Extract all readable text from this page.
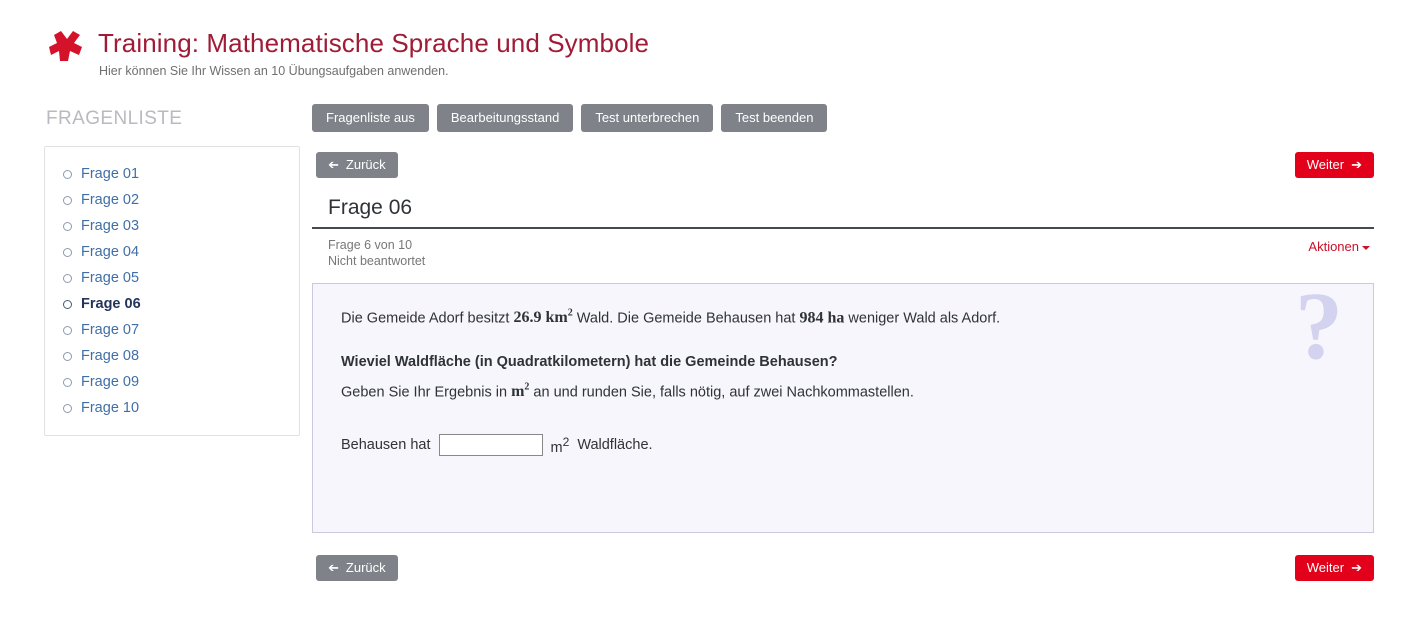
Training: Mathematische Sprache und Symbole
Hier können Sie Ihr Wissen an 10 Übungsaufgaben anwenden.
FRAGENLISTE
Frage 01
Frage 02
Frage 03
Frage 04
Frage 05
Frage 06
Frage 07
Frage 08
Frage 09
Frage 10
Fragenliste aus	Bearbeitungsstand	Test unterbrechen	Test beenden
➔ Zurück	Weiter ➔
Frage 06
Frage 6 von 10
Nicht beantwortet
Aktionen
?
Die Gemeide Adorf besitzt 26.9 $km^2$ Wald. Die Gemeide Behausen hat 984 ha weniger Wald als Adorf.
Wieviel Waldfläche (in Quadratkilometern) hat die Gemeinde Behausen?
Geben Sie Ihr Ergebnis in $m^2$ an und runden Sie, falls nötig, auf zwei Nachkommastellen.
Behausen hat	$m^2$ Waldfläche.
➔ Zurück	Weiter ➔
